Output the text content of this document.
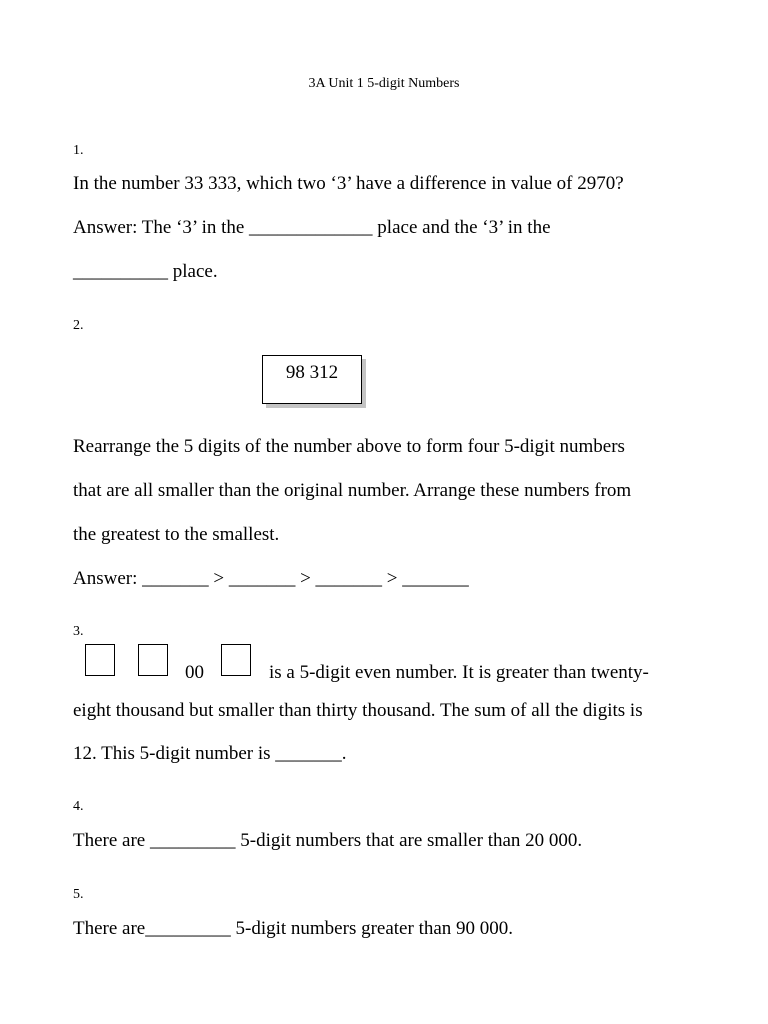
3A Unit 1 5-digit Numbers
1.
In the number 33 333, which two ‘3’ have a difference in value of 2970?
Answer: The ‘3’ in the _____________ place and the ‘3’ in the
__________ place.
2.
98 312
Rearrange the 5 digits of the number above to form four 5-digit numbers
that are all smaller than the original number. Arrange these numbers from
the greatest to the smallest.
Answer: _______ > _______ > _______ > _______
3.
00	is a 5-digit even number. It is greater than twenty-
eight thousand but smaller than thirty thousand. The sum of all the digits is
12. This 5-digit number is _______.
4.
There are _________ 5-digit numbers that are smaller than 20 000.
5.
There are_________ 5-digit numbers greater than 90 000.
